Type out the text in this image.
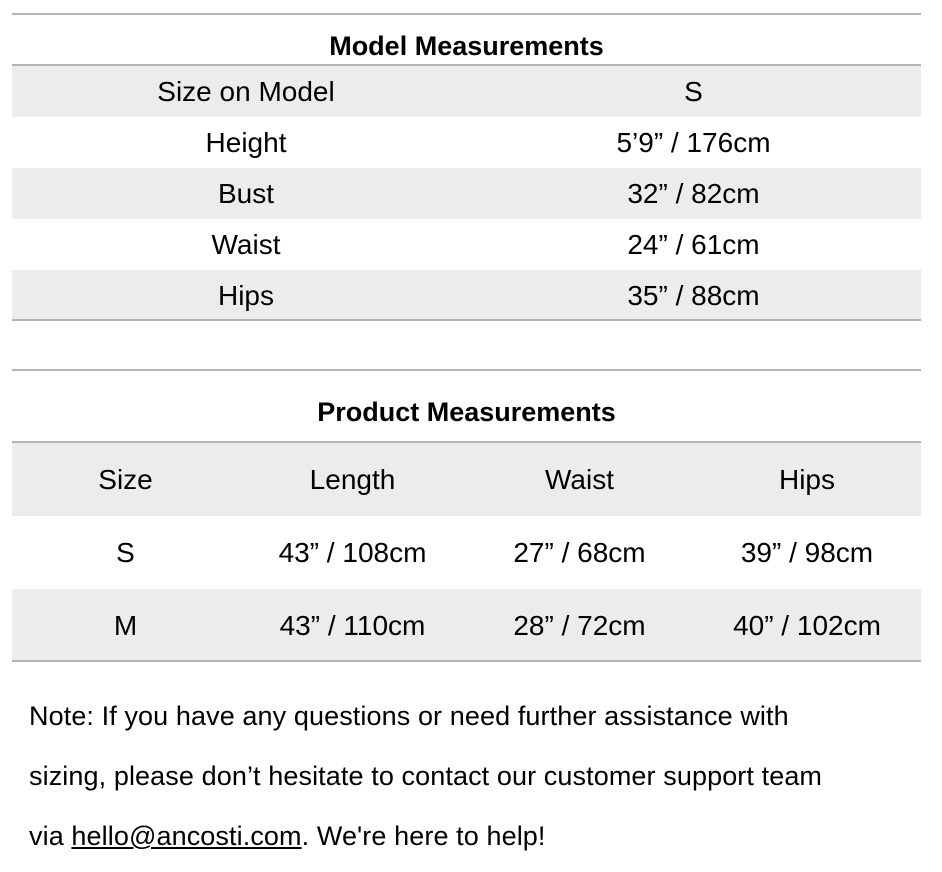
Model Measurements
Size on Model	S
Height	5’9” / 176cm
Bust	32” / 82cm
Waist	24” / 61cm
Hips	35” / 88cm
Product Measurements
Size	Length	Waist	Hips
S	43” / 108cm	27” / 68cm	39” / 98cm
M	43” / 110cm	28” / 72cm	40” / 102cm
Note: If you have any questions or need further assistance with
sizing, please don’t hesitate to contact our customer support team
via hello@ancosti.com. We're here to help!
